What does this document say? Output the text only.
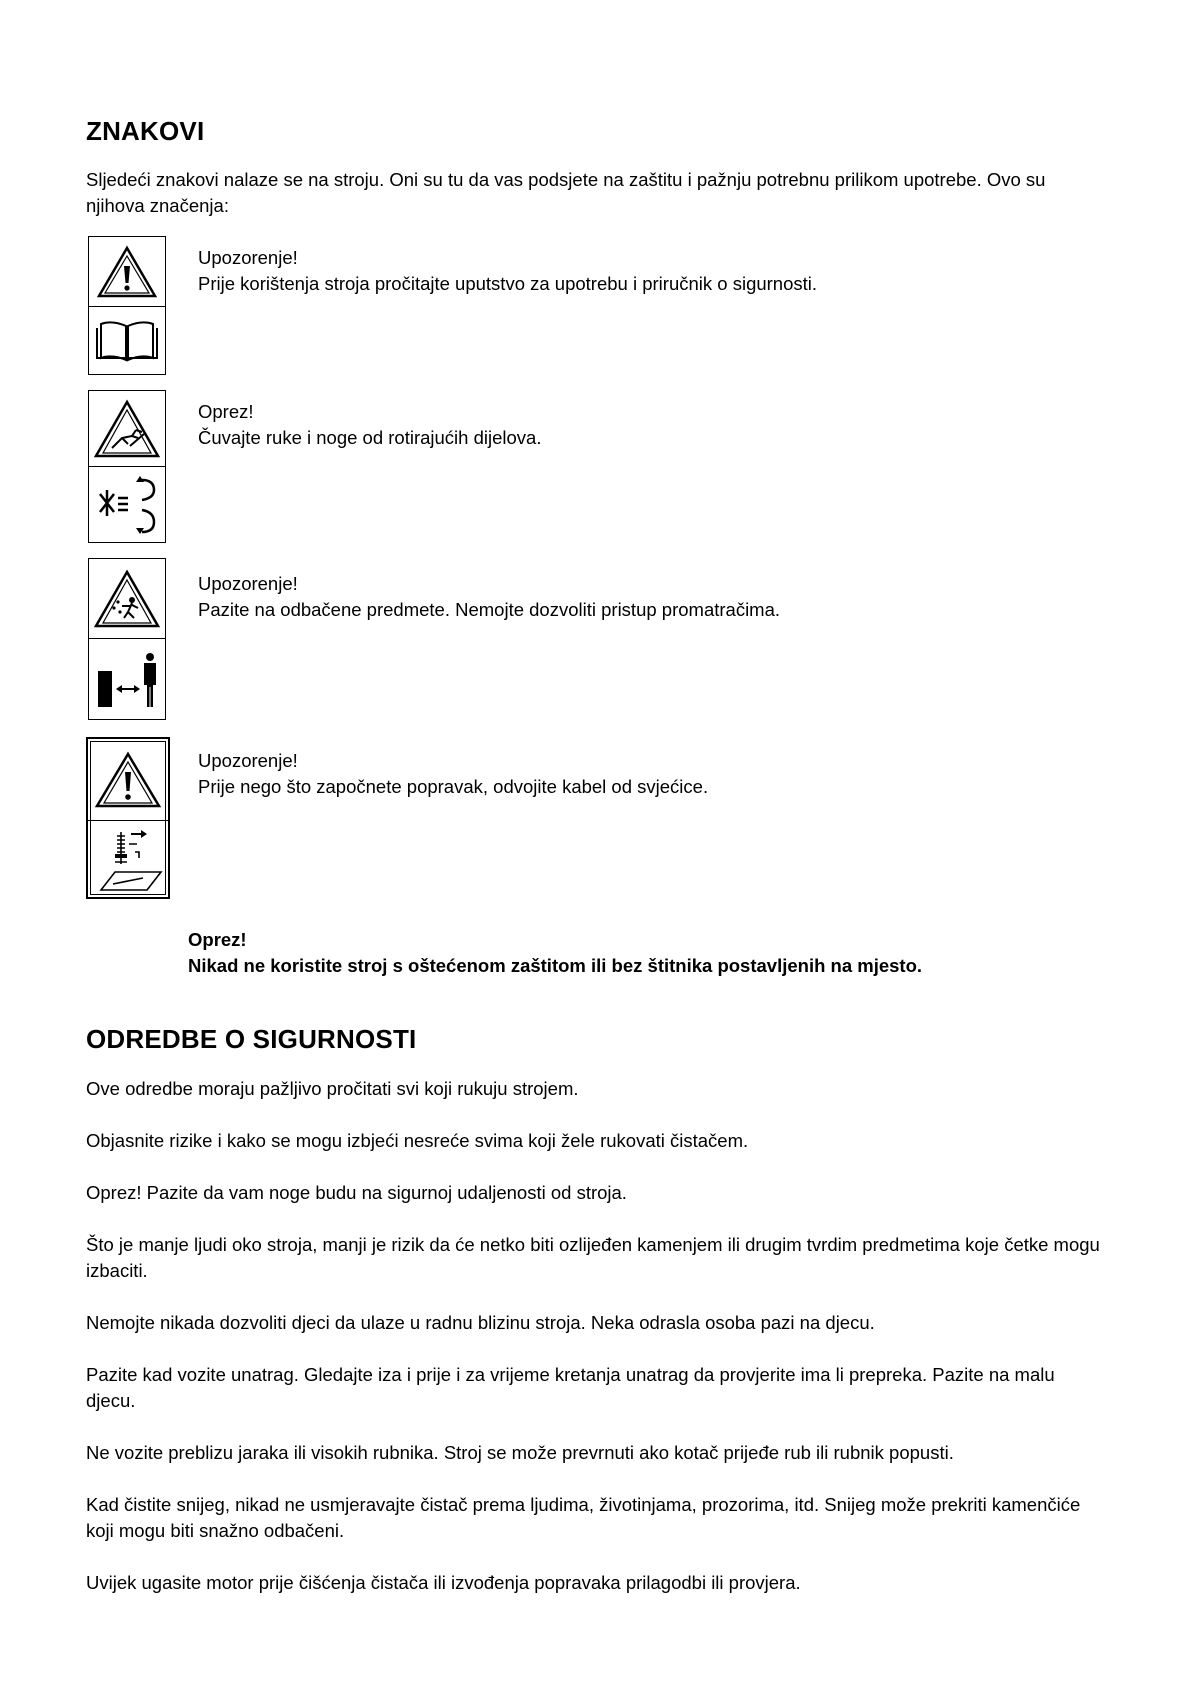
ZNAKOVI

Sljedeći znakovi nalaze se na stroju. Oni su tu da vas podsjete na zaštitu i pažnju potrebnu prilikom upotrebe. Ovo su njihova značenja:

Upozorenje!
Prije korištenja stroja pročitajte uputstvo za upotrebu i priručnik o sigurnosti.
Oprez!
Čuvajte ruke i noge od rotirajućih dijelova.
Upozorenje!
Pazite na odbačene predmete. Nemojte dozvoliti pristup promatračima.
Upozorenje!
Prije nego što započnete popravak, odvojite kabel od svjećice.
Oprez!
Nikad ne koristite stroj s oštećenom zaštitom ili bez štitnika postavljenih na mjesto.
ODREDBE O SIGURNOSTI

Ove odredbe moraju pažljivo pročitati svi koji rukuju strojem.

Objasnite rizike i kako se mogu izbjeći nesreće svima koji žele rukovati čistačem.

Oprez! Pazite da vam noge budu na sigurnoj udaljenosti od stroja.

Što je manje ljudi oko stroja, manji je rizik da će netko biti ozlijeđen kamenjem ili drugim tvrdim predmetima koje četke mogu izbaciti.

Nemojte nikada dozvoliti djeci da ulaze u radnu blizinu stroja. Neka odrasla osoba pazi na djecu.

Pazite kad vozite unatrag. Gledajte iza i prije i za vrijeme kretanja unatrag da provjerite ima li prepreka. Pazite na malu djecu.

Ne vozite preblizu jaraka ili visokih rubnika. Stroj se može prevrnuti ako kotač prijeđe rub ili rubnik popusti.

Kad čistite snijeg, nikad ne usmjeravajte čistač prema ljudima, životinjama, prozorima, itd. Snijeg može prekriti kamenčiće koji mogu biti snažno odbačeni.

Uvijek ugasite motor prije čišćenja čistača ili izvođenja popravaka prilagodbi ili provjera.
